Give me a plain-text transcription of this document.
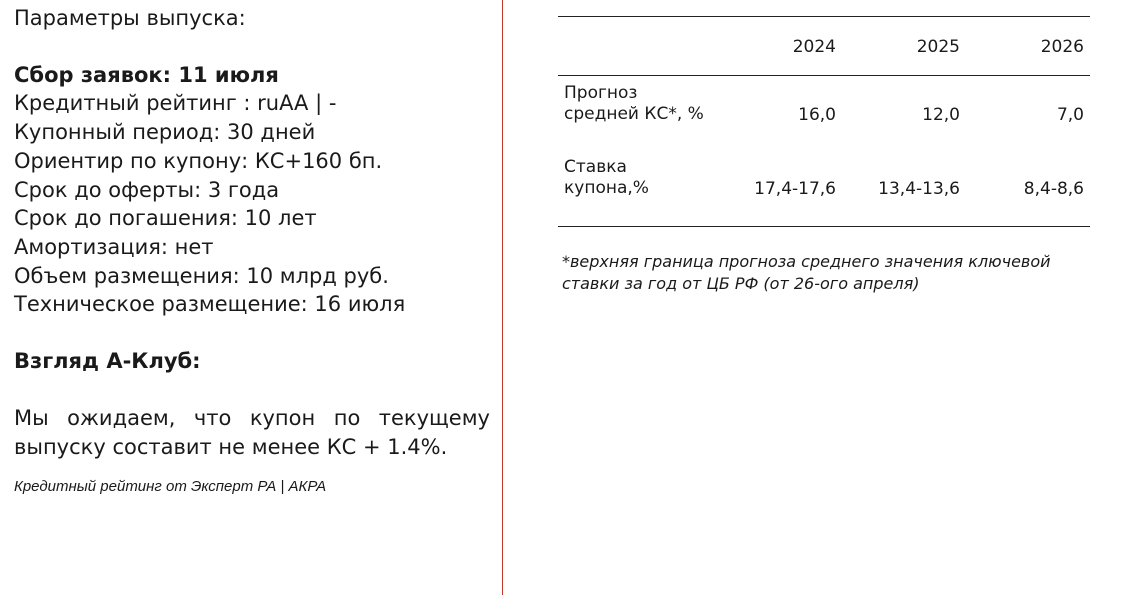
Параметры выпуска:
Сбор заявок: 11 июля
Кредитный рейтинг : ruAA | -
Купонный период: 30 дней
Ориентир по купону: КС+160 бп.
Срок до оферты: 3 года
Срок до погашения: 10 лет
Амортизация: нет
Объем размещения: 10 млрд руб.
Техническое размещение: 16 июля
Взгляд А-Клуб:
Мы ожидаем, что купон по текущему выпуску составит не менее КС + 1.4%.
Кредитный рейтинг от Эксперт РА | АКРА
	2024	2025	2026

Прогноз
средней КС*, %	16,0	12,0	7,0

Ставка
купона,%	17,4-17,6	13,4-13,6	8,4-8,6
*верхняя граница прогноза среднего значения ключевой ставки за год от ЦБ РФ (от 26-ого апреля)
